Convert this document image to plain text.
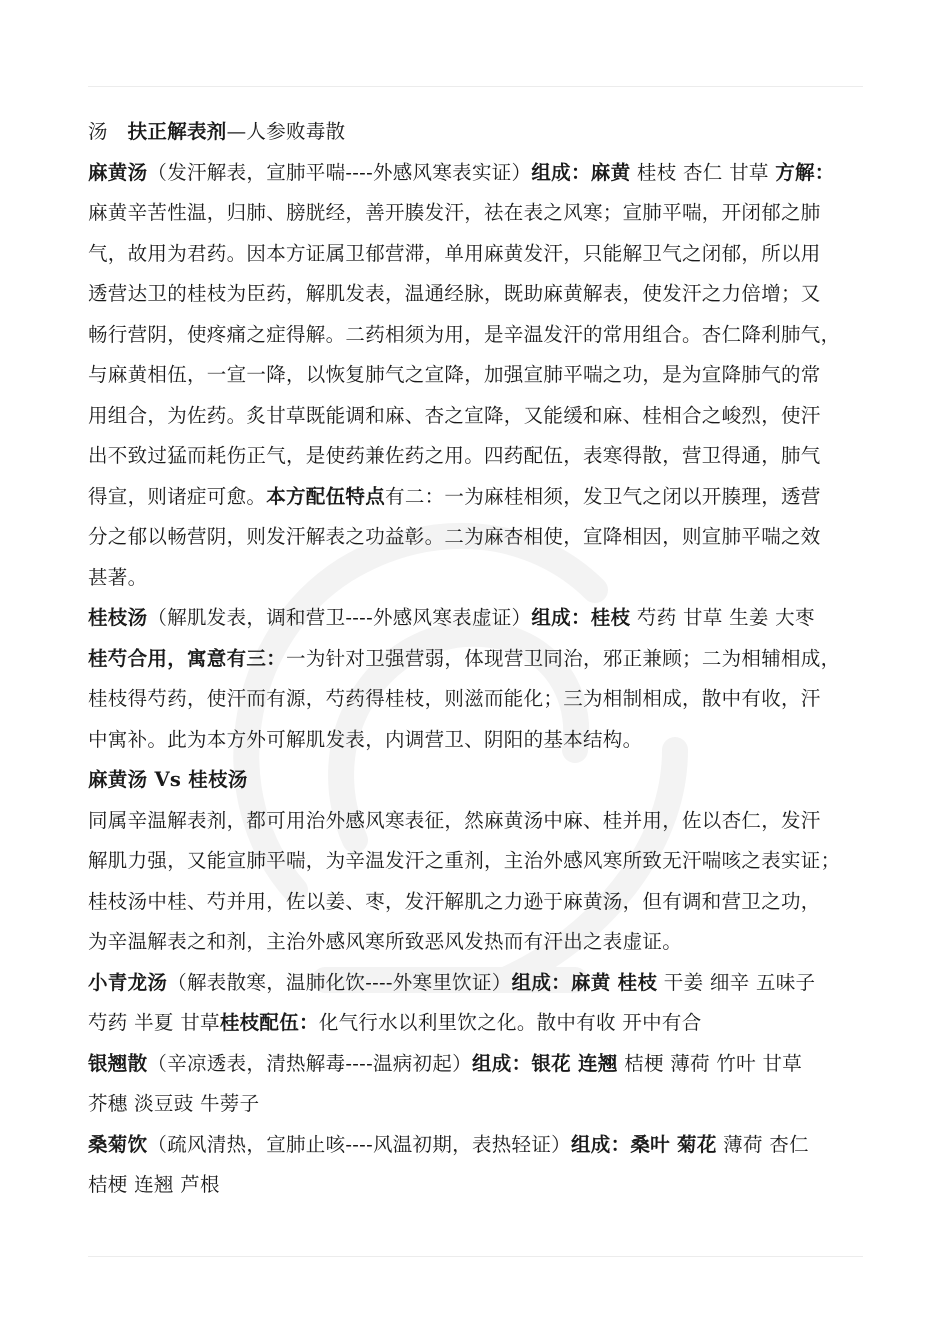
汤　扶正解表剂—人参败毒散

麻黄汤（发汗解表，宣肺平喘----外感风寒表实证）组成：麻黄 桂枝 杏仁 甘草 方解：

麻黄辛苦性温，归肺、膀胱经，善开腠发汗，祛在表之风寒；宣肺平喘，开闭郁之肺

气，故用为君药。因本方证属卫郁营滞，单用麻黄发汗，只能解卫气之闭郁，所以用

透营达卫的桂枝为臣药，解肌发表，温通经脉，既助麻黄解表，使发汗之力倍增；又

畅行营阴，使疼痛之症得解。二药相须为用，是辛温发汗的常用组合。杏仁降利肺气，

与麻黄相伍，一宣一降，以恢复肺气之宣降，加强宣肺平喘之功，是为宣降肺气的常

用组合，为佐药。炙甘草既能调和麻、杏之宣降，又能缓和麻、桂相合之峻烈，使汗

出不致过猛而耗伤正气，是使药兼佐药之用。四药配伍，表寒得散，营卫得通，肺气

得宣，则诸症可愈。本方配伍特点有二：一为麻桂相须，发卫气之闭以开腠理，透营

分之郁以畅营阴，则发汗解表之功益彰。二为麻杏相使，宣降相因，则宣肺平喘之效

甚著。

桂枝汤（解肌发表，调和营卫----外感风寒表虚证）组成：桂枝 芍药 甘草 生姜 大枣

桂芍合用，寓意有三：一为针对卫强营弱，体现营卫同治，邪正兼顾；二为相辅相成，

桂枝得芍药，使汗而有源，芍药得桂枝，则滋而能化；三为相制相成，散中有收，汗

中寓补。此为本方外可解肌发表，内调营卫、阴阳的基本结构。

麻黄汤 Vs 桂枝汤

同属辛温解表剂，都可用治外感风寒表征，然麻黄汤中麻、桂并用，佐以杏仁，发汗

解肌力强，又能宣肺平喘，为辛温发汗之重剂，主治外感风寒所致无汗喘咳之表实证；

桂枝汤中桂、芍并用，佐以姜、枣，发汗解肌之力逊于麻黄汤，但有调和营卫之功，

为辛温解表之和剂，主治外感风寒所致恶风发热而有汗出之表虚证。

小青龙汤（解表散寒，温肺化饮----外寒里饮证）组成：麻黄 桂枝 干姜 细辛 五味子

芍药 半夏 甘草桂枝配伍：化气行水以利里饮之化。散中有收 开中有合

银翘散（辛凉透表，清热解毒----温病初起）组成：银花 连翘 桔梗 薄荷 竹叶 甘草

芥穗 淡豆豉 牛蒡子

桑菊饮（疏风清热，宣肺止咳----风温初期，表热轻证）组成：桑叶 菊花 薄荷 杏仁

桔梗 连翘 芦根
